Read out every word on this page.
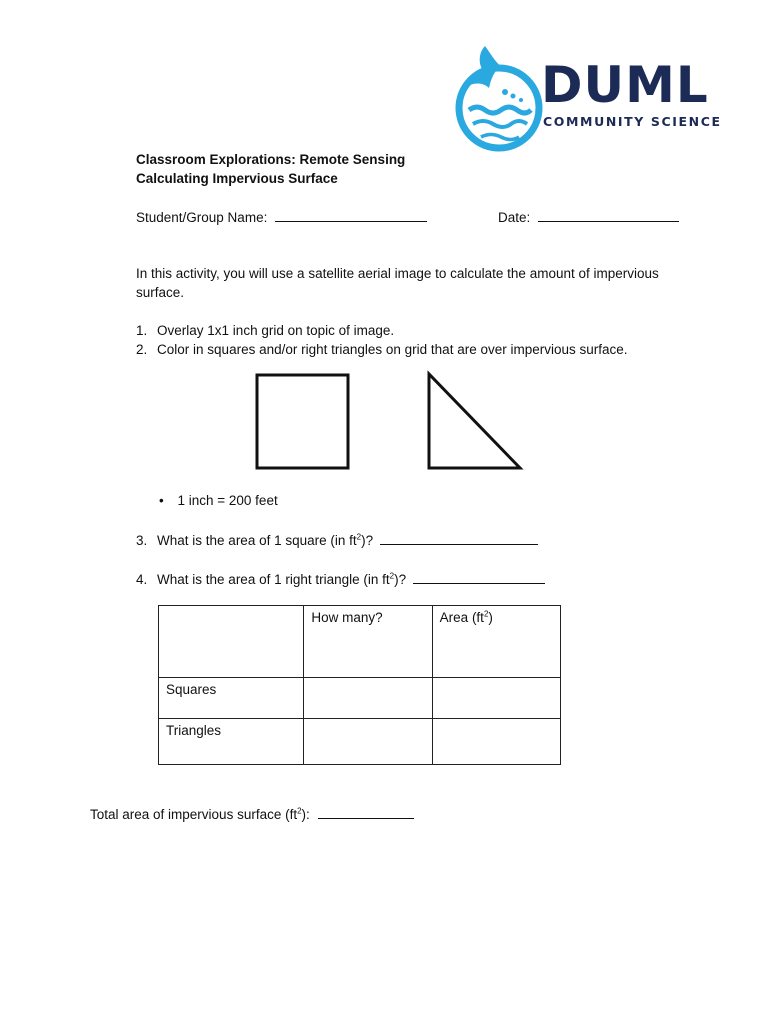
DUML
COMMUNITY SCIENCE
Classroom Explorations: Remote Sensing
Calculating Impervious Surface
Student/Group Name:	Date:
In this activity, you will use a satellite aerial image to calculate the amount of impervious
surface.
1. Overlay 1x1 inch grid on topic of image.
2. Color in squares and/or right triangles on grid that are over impervious surface.
• 1 inch = 200 feet
3. What is the area of 1 square (in $ft^2$)?
4. What is the area of 1 right triangle (in $ft^2$)?
	How many?	Area $(ft^2)$
Squares		
Triangles		
Total area of impervious surface $(ft^2)$:
